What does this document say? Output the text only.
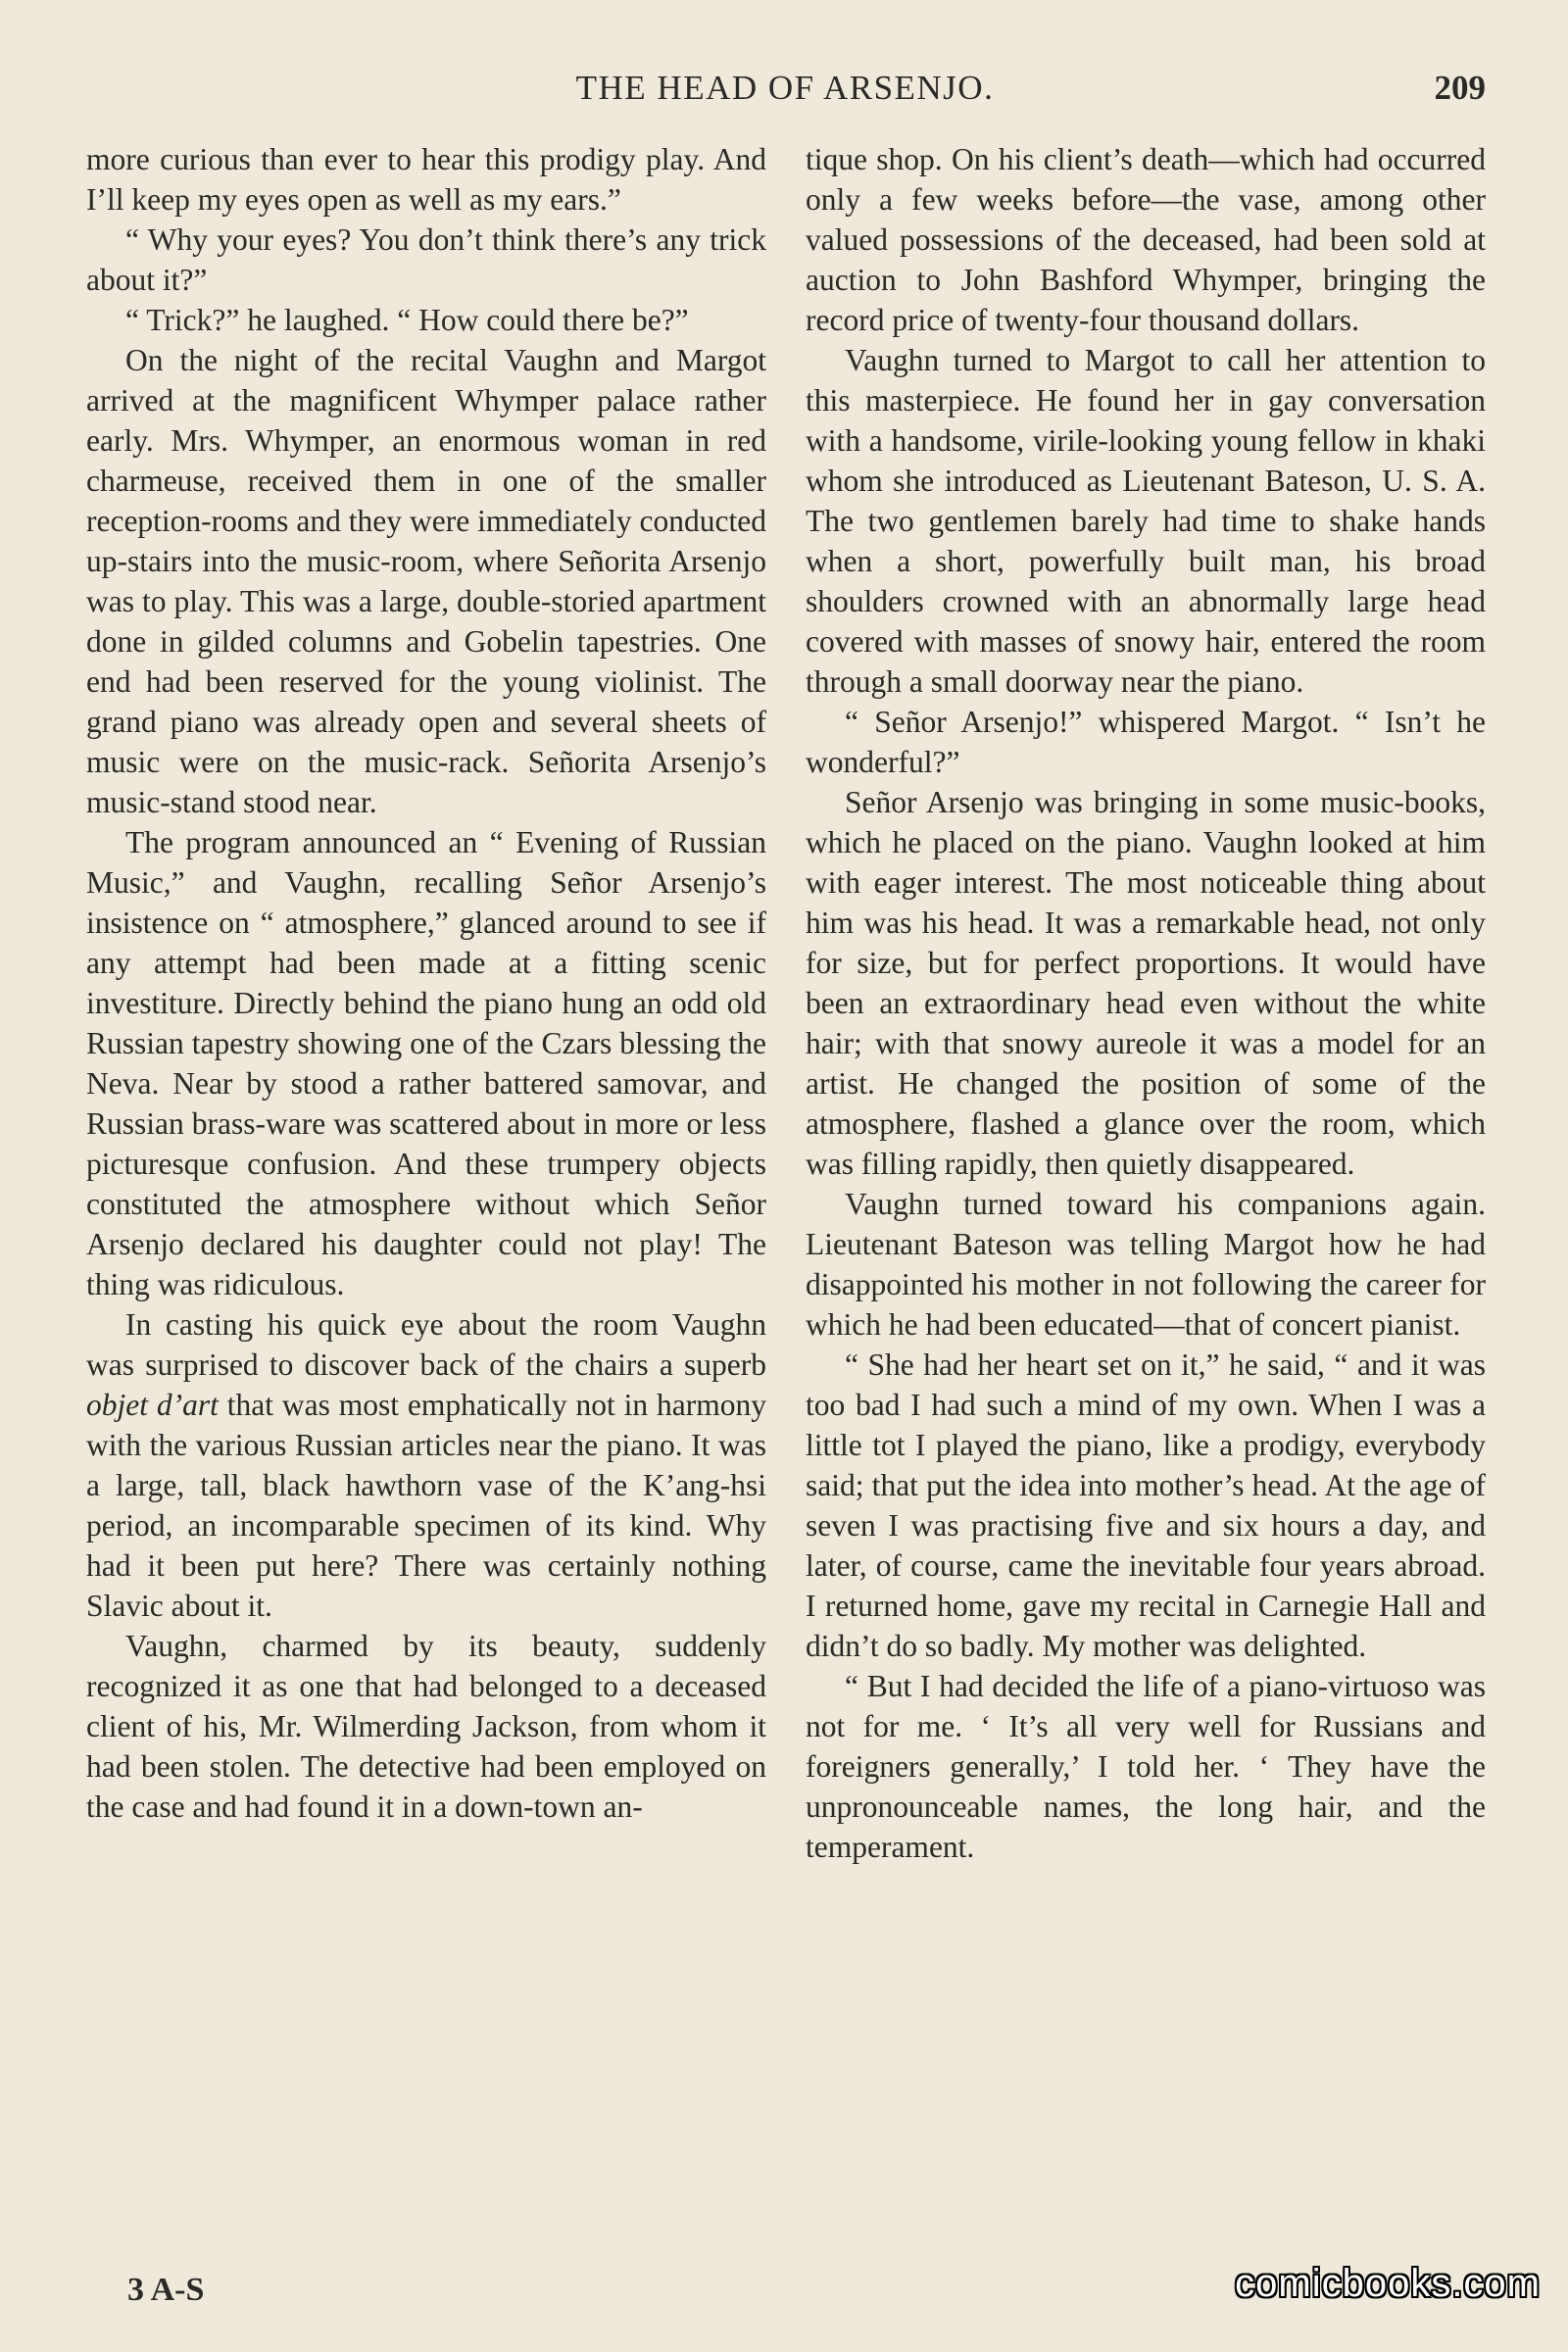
THE HEAD OF ARSENJO.	209

more curious than ever to hear this prodigy play. And I’ll keep my eyes open as well as my ears.”

“ Why your eyes? You don’t think there’s any trick about it?”

“ Trick?” he laughed. “ How could there be?”

On the night of the recital Vaughn and Margot arrived at the magnificent Whymper palace rather early. Mrs. Whymper, an enormous woman in red charmeuse, received them in one of the smaller reception-rooms and they were immediately conducted up-stairs into the music-room, where Señorita Arsenjo was to play. This was a large, double-storied apartment done in gilded columns and Gobelin tapestries. One end had been reserved for the young violinist. The grand piano was already open and several sheets of music were on the music-rack. Señorita Arsenjo’s music-stand stood near.

The program announced an “ Evening of Russian Music,” and Vaughn, recalling Señor Arsenjo’s insistence on “ atmosphere,” glanced around to see if any attempt had been made at a fitting scenic investiture. Directly behind the piano hung an odd old Russian tapestry showing one of the Czars blessing the Neva. Near by stood a rather battered samovar, and Russian brass-ware was scattered about in more or less picturesque confusion. And these trumpery objects constituted the atmosphere without which Señor Arsenjo declared his daughter could not play! The thing was ridiculous.

In casting his quick eye about the room Vaughn was surprised to discover back of the chairs a superb objet d’art that was most emphatically not in harmony with the various Russian articles near the piano. It was a large, tall, black hawthorn vase of the K’ang-hsi period, an incomparable specimen of its kind. Why had it been put here? There was certainly nothing Slavic about it.

Vaughn, charmed by its beauty, suddenly recognized it as one that had belonged to a deceased client of his, Mr. Wilmerding Jackson, from whom it had been stolen. The detective had been employed on the case and had found it in a down-town an-

tique shop. On his client’s death—which had occurred only a few weeks before—the vase, among other valued possessions of the deceased, had been sold at auction to John Bashford Whymper, bringing the record price of twenty-four thousand dollars.

Vaughn turned to Margot to call her attention to this masterpiece. He found her in gay conversation with a handsome, virile-looking young fellow in khaki whom she introduced as Lieutenant Bateson, U. S. A. The two gentlemen barely had time to shake hands when a short, powerfully built man, his broad shoulders crowned with an abnormally large head covered with masses of snowy hair, entered the room through a small doorway near the piano.

“ Señor Arsenjo!” whispered Margot. “ Isn’t he wonderful?”

Señor Arsenjo was bringing in some music-books, which he placed on the piano. Vaughn looked at him with eager interest. The most noticeable thing about him was his head. It was a remarkable head, not only for size, but for perfect proportions. It would have been an extraordinary head even without the white hair; with that snowy aureole it was a model for an artist. He changed the position of some of the atmosphere, flashed a glance over the room, which was filling rapidly, then quietly disappeared.

Vaughn turned toward his companions again. Lieutenant Bateson was telling Margot how he had disappointed his mother in not following the career for which he had been educated—that of concert pianist.

“ She had her heart set on it,” he said, “ and it was too bad I had such a mind of my own. When I was a little tot I played the piano, like a prodigy, everybody said; that put the idea into mother’s head. At the age of seven I was practising five and six hours a day, and later, of course, came the inevitable four years abroad. I returned home, gave my recital in Carnegie Hall and didn’t do so badly. My mother was delighted.

“ But I had decided the life of a piano-virtuoso was not for me. ‘ It’s all very well for Russians and foreigners generally,’ I told her. ‘ They have the unpronounceable names, the long hair, and the temperament.

3 A-S	comicbooks.com
